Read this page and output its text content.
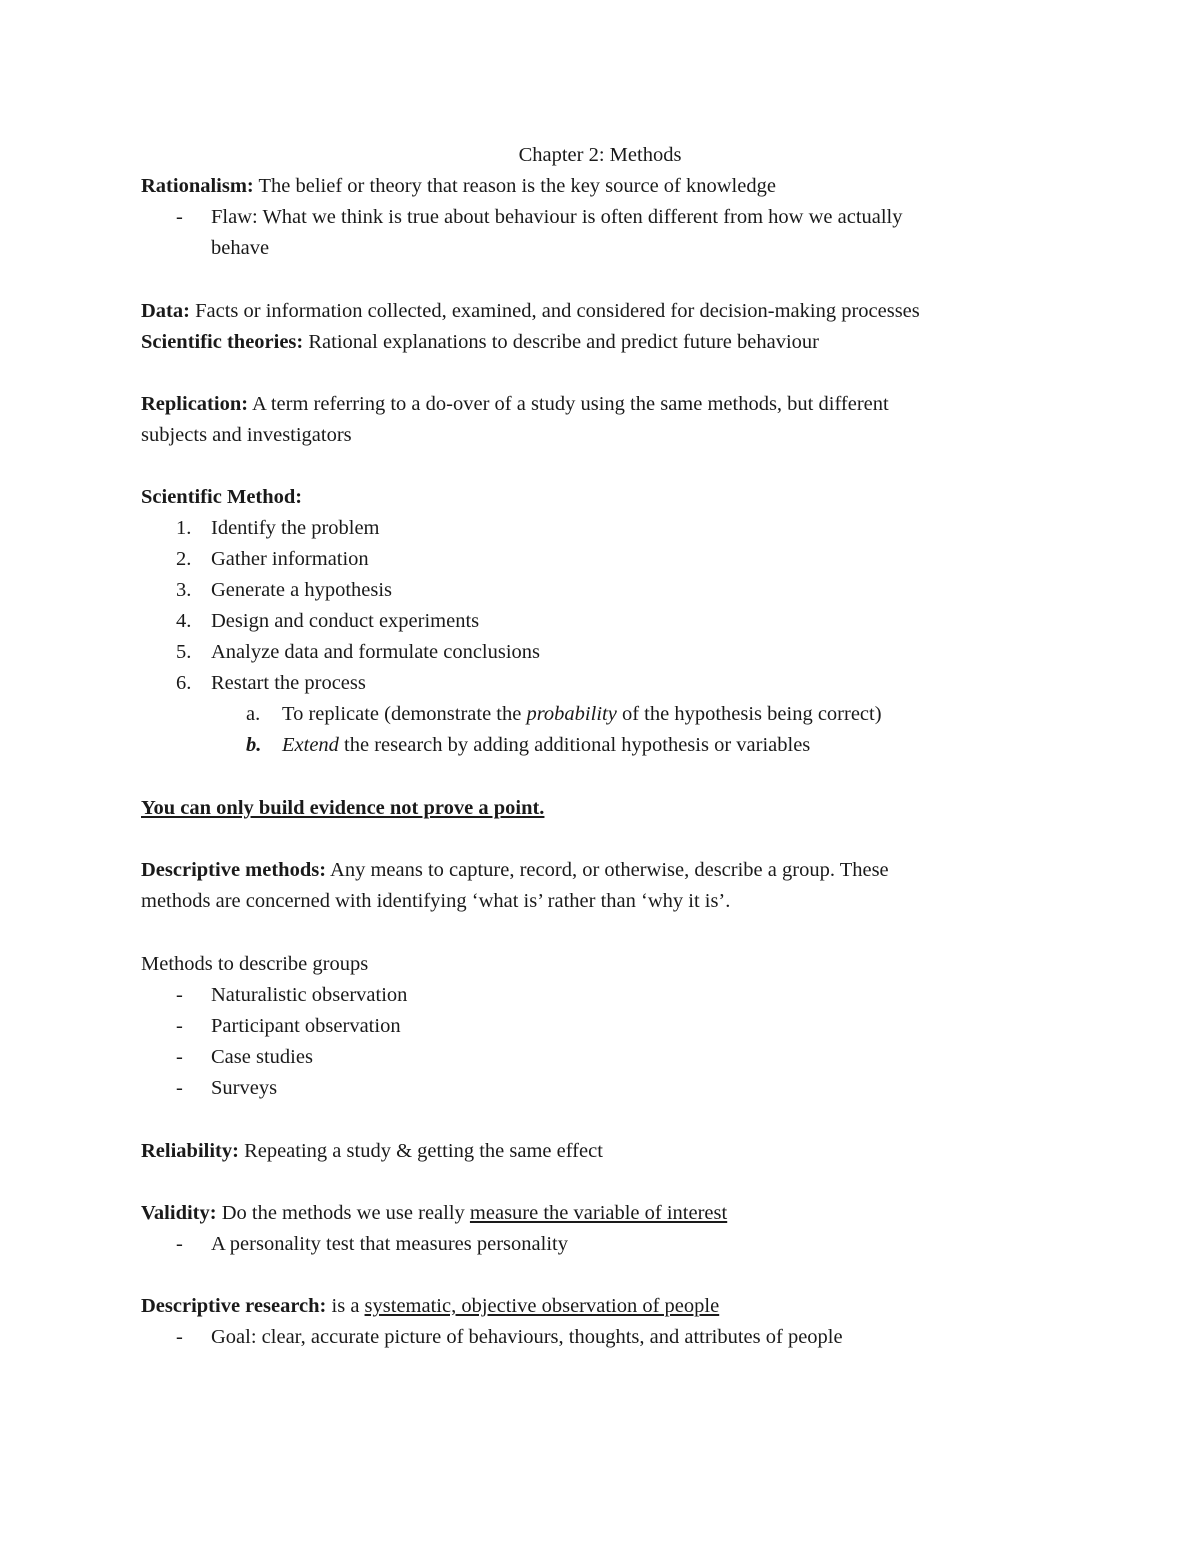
Chapter 2: Methods
Rationalism: The belief or theory that reason is the key source of knowledge
- Flaw: What we think is true about behaviour is often different from how we actually
behave
Data: Facts or information collected, examined, and considered for decision-making processes
Scientific theories: Rational explanations to describe and predict future behaviour
Replication: A term referring to a do-over of a study using the same methods, but different
subjects and investigators
Scientific Method:
1. Identify the problem
2. Gather information
3. Generate a hypothesis
4. Design and conduct experiments
5. Analyze data and formulate conclusions
6. Restart the process
a. To replicate (demonstrate the probability of the hypothesis being correct)
b. Extend the research by adding additional hypothesis or variables
You can only build evidence not prove a point.
Descriptive methods: Any means to capture, record, or otherwise, describe a group. These
methods are concerned with identifying ‘what is’ rather than ‘why it is’.
Methods to describe groups
- Naturalistic observation
- Participant observation
- Case studies
- Surveys
Reliability: Repeating a study & getting the same effect
Validity: Do the methods we use really measure the variable of interest
- A personality test that measures personality
Descriptive research: is a systematic, objective observation of people
- Goal: clear, accurate picture of behaviours, thoughts, and attributes of people
